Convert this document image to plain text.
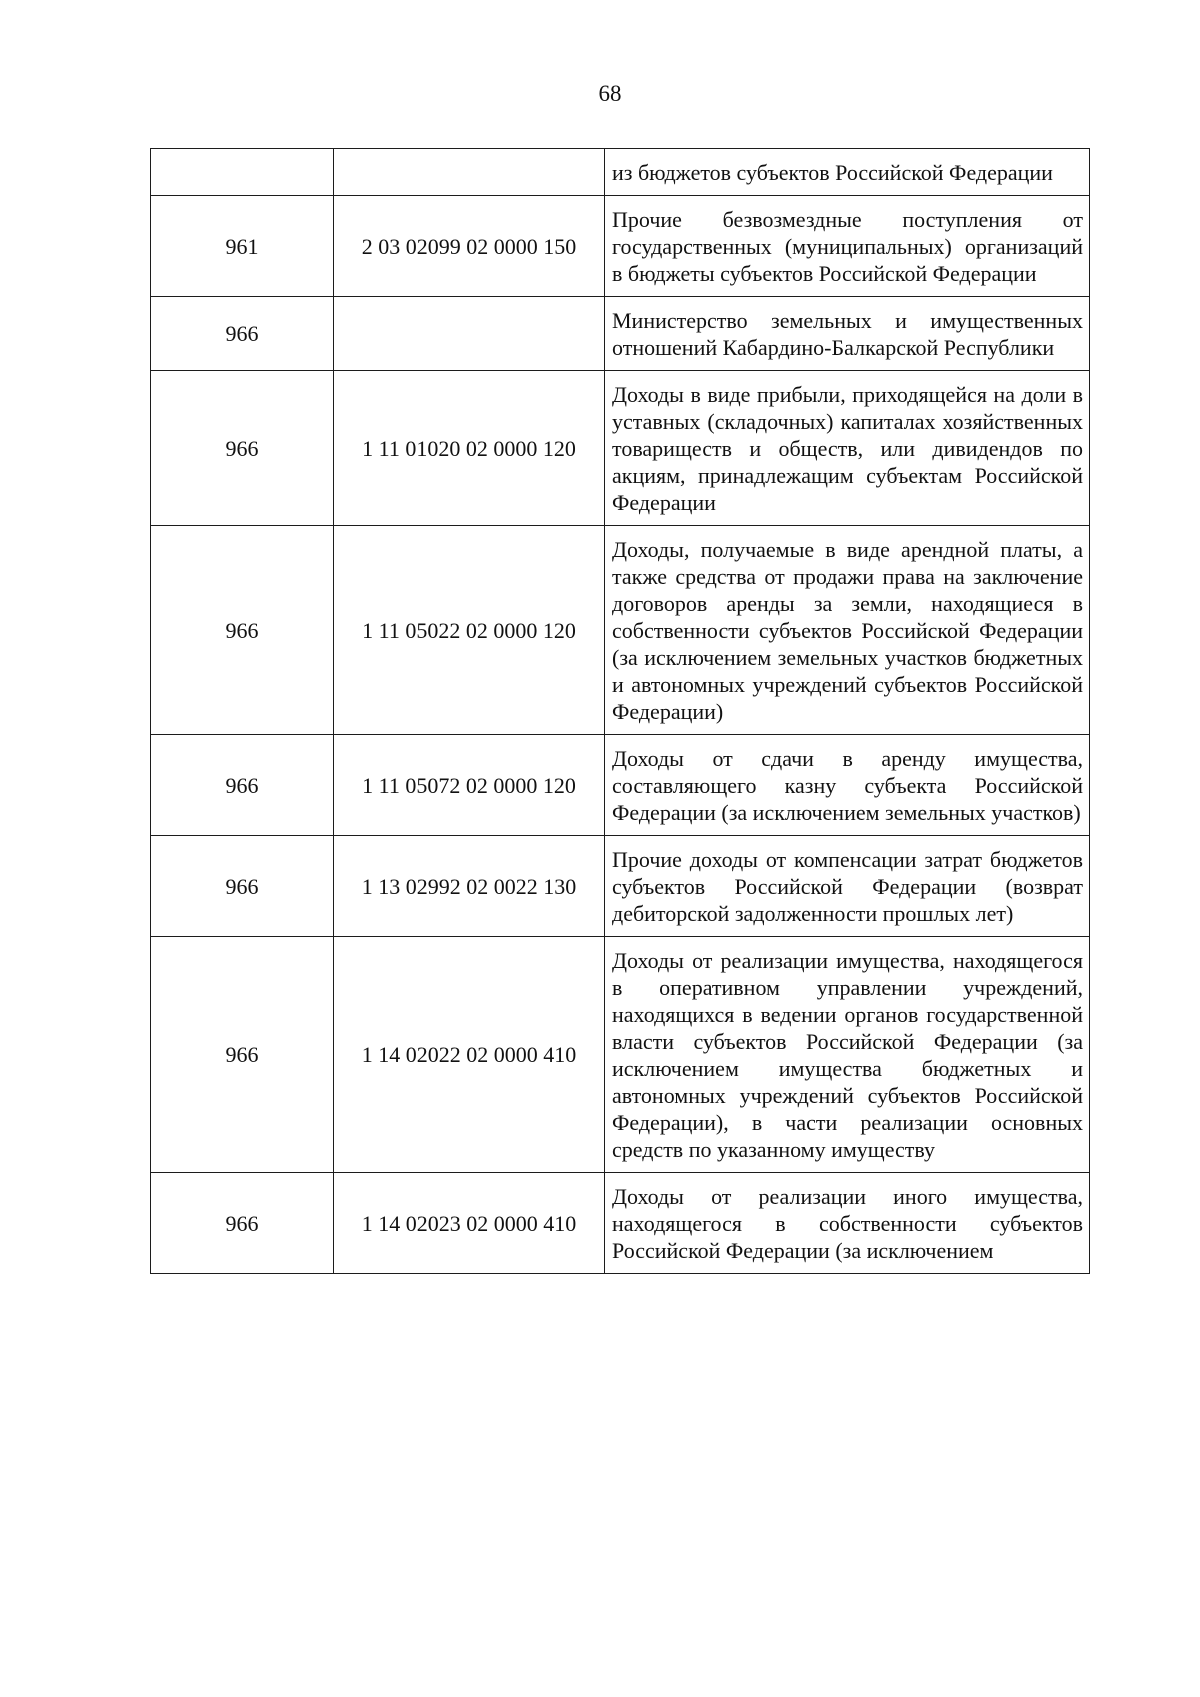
68

		из бюджетов субъектов Российской Федерации

961	2 03 02099 02 0000 150	Прочие безвозмездные поступления от государственных (муниципальных) организаций в бюджеты субъектов Российской Федерации

966		Министерство земельных и имущественных отношений Кабардино-Балкарской Республики

966	1 11 01020 02 0000 120	Доходы в виде прибыли, приходящейся на доли в уставных (складочных) капиталах хозяйственных товариществ и обществ, или дивидендов по акциям, принадлежащим субъектам Российской Федерации

966	1 11 05022 02 0000 120	Доходы, получаемые в виде арендной платы, а также средства от продажи права на заключение договоров аренды за земли, находящиеся в собственности субъектов Российской Федерации (за исключением земельных участков бюджетных и автономных учреждений субъектов Российской Федерации)

966	1 11 05072 02 0000 120	Доходы от сдачи в аренду имущества, составляющего казну субъекта Российской Федерации (за исключением земельных участков)

966	1 13 02992 02 0022 130	Прочие доходы от компенсации затрат бюджетов субъектов Российской Федерации (возврат дебиторской задолженности прошлых лет)

966	1 14 02022 02 0000 410	Доходы от реализации имущества, находящегося в оперативном управлении учреждений, находящихся в ведении органов государственной власти субъектов Российской Федерации (за исключением имущества бюджетных и автономных учреждений субъектов Российской Федерации), в части реализации основных средств по указанному имуществу

966	1 14 02023 02 0000 410	Доходы от реализации иного имущества, находящегося в собственности субъектов Российской Федерации (за исключением
